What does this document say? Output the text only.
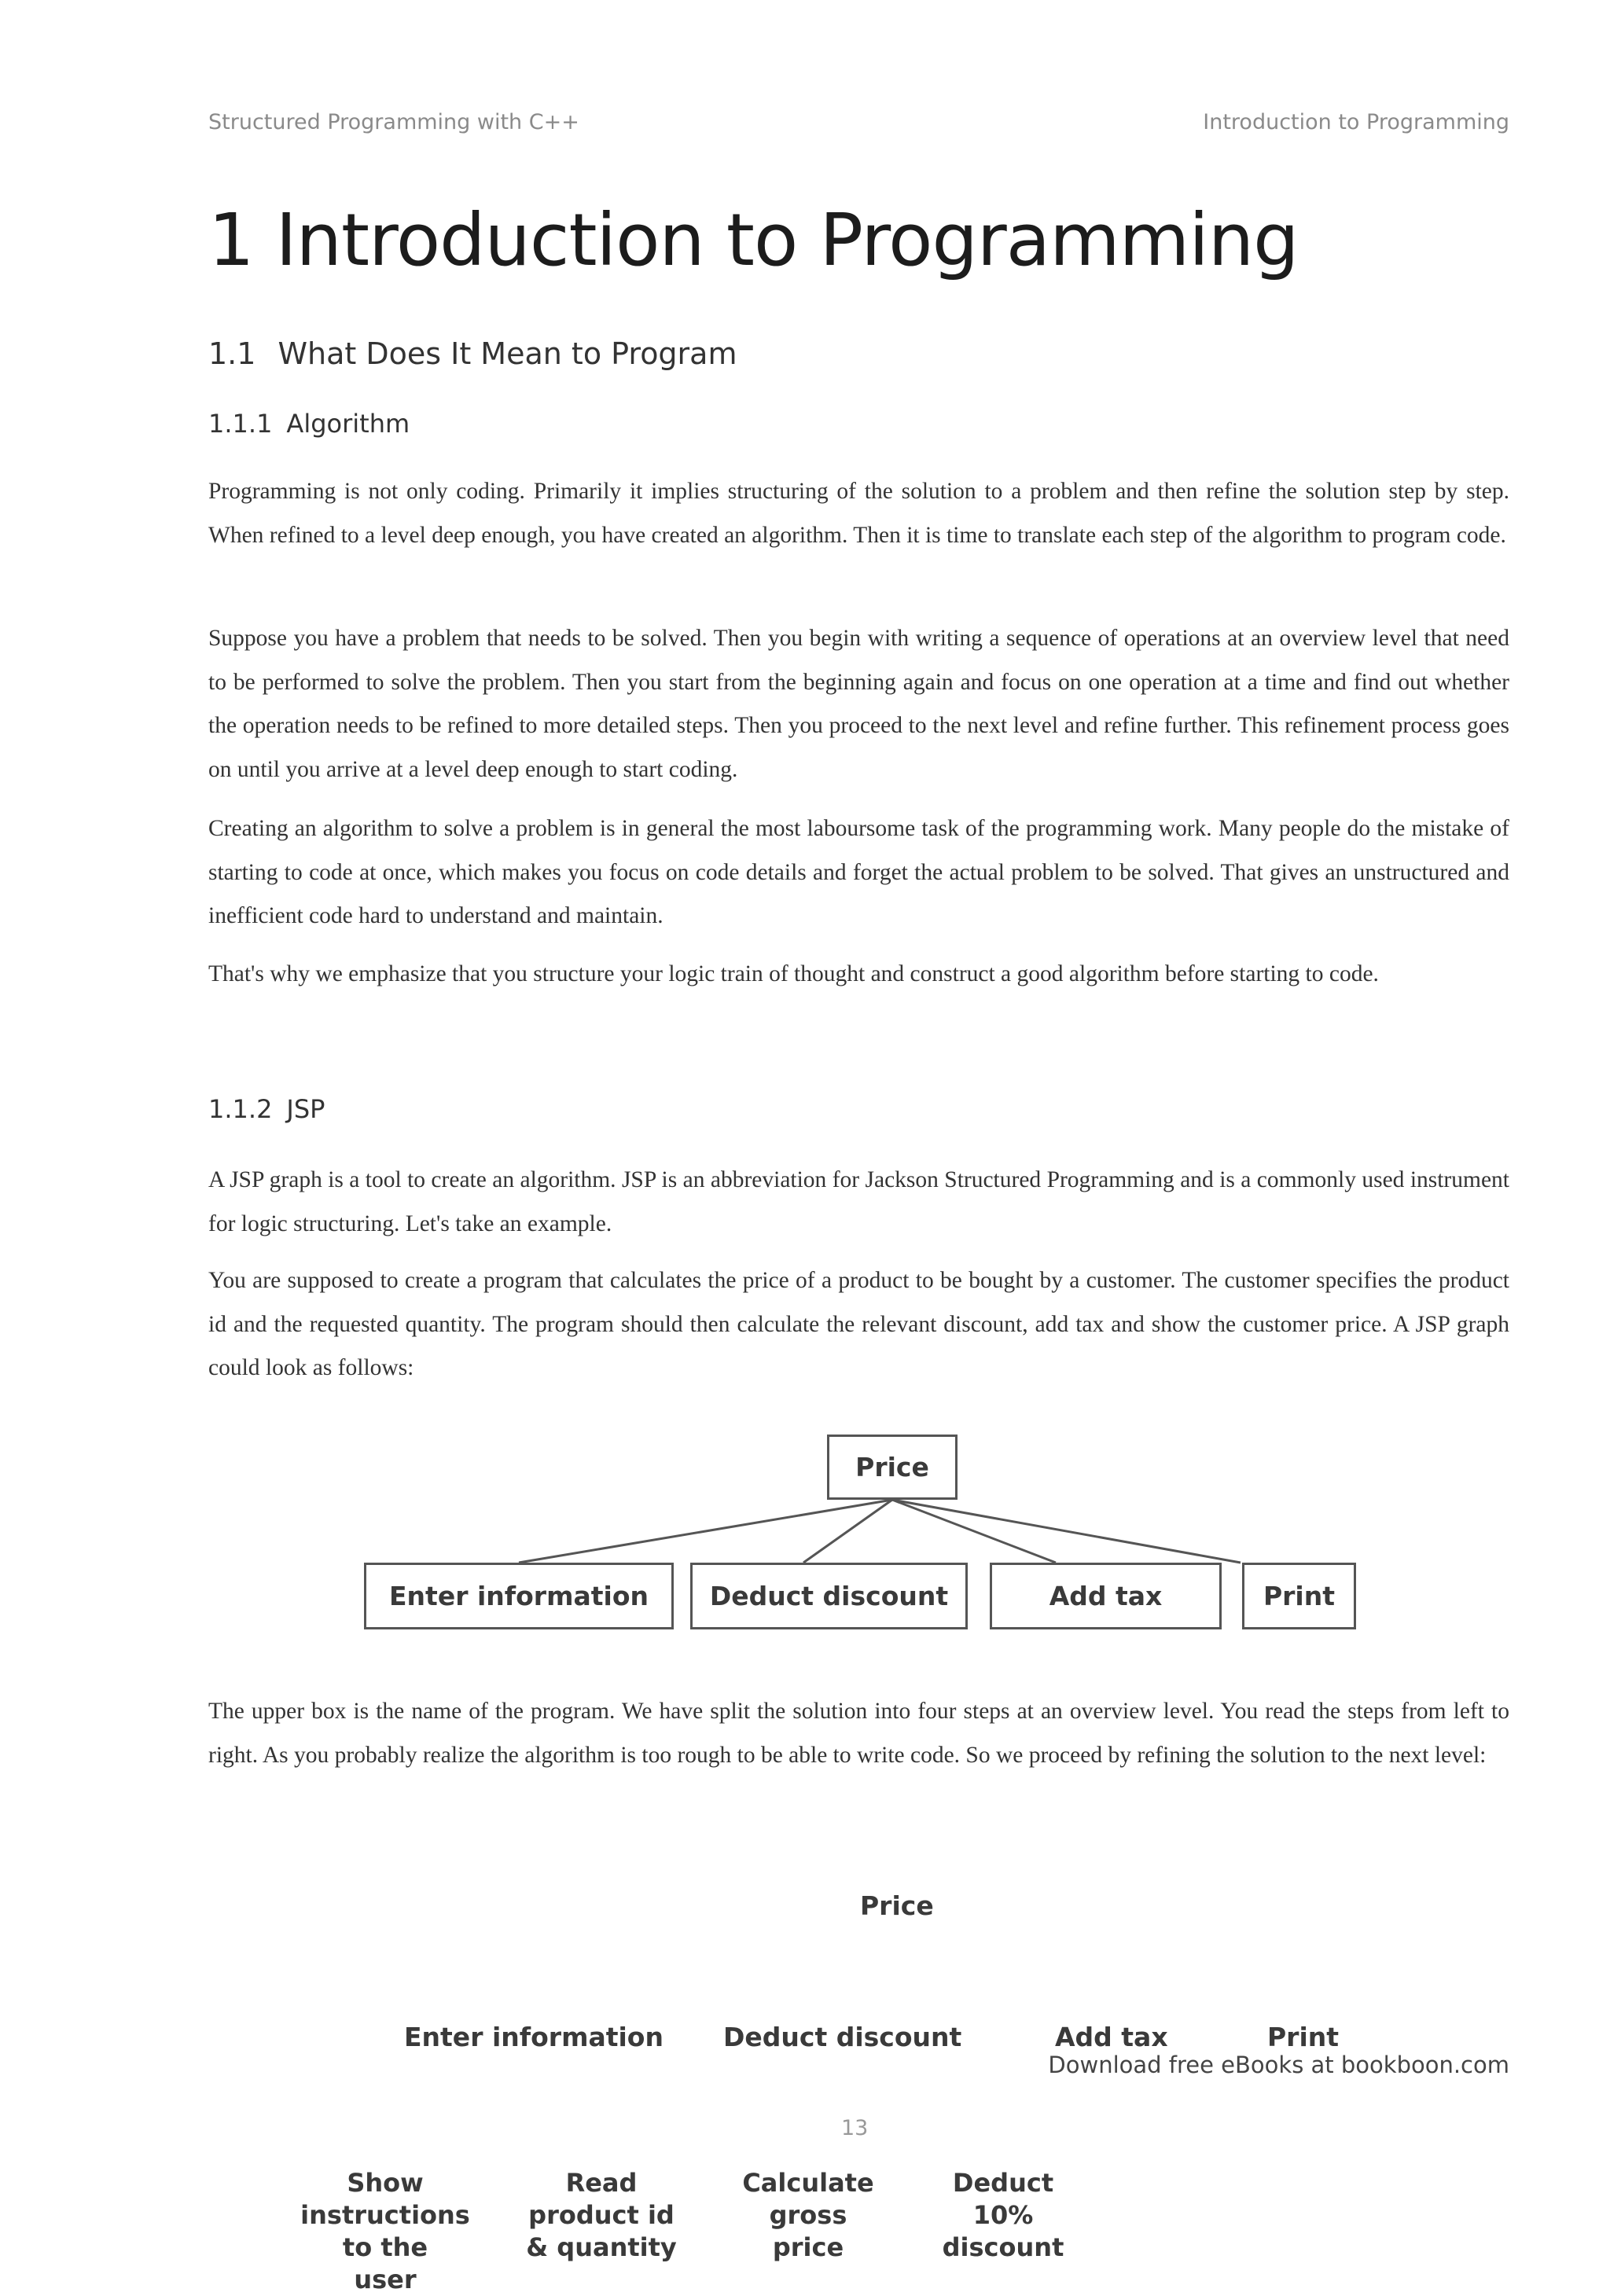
Structured Programming with C++	Introduction to Programming
1 Introduction to Programming
1.1 What Does It Mean to Program
1.1.1 Algorithm

Programming is not only coding. Primarily it implies structuring of the solution to a problem and then refine the solution step by step. When refined to a level deep enough, you have created an algorithm. Then it is time to translate each step of the algorithm to program code.

Suppose you have a problem that needs to be solved. Then you begin with writing a sequence of operations at an overview level that need to be performed to solve the problem. Then you start from the beginning again and focus on one operation at a time and find out whether the operation needs to be refined to more detailed steps. Then you proceed to the next level and refine further. This refinement process goes on until you arrive at a level deep enough to start coding.

Creating an algorithm to solve a problem is in general the most laboursome task of the programming work. Many people do the mistake of starting to code at once, which makes you focus on code details and forget the actual problem to be solved. That gives an unstructured and inefficient code hard to understand and maintain.

That's why we emphasize that you structure your logic train of thought and construct a good algorithm before starting to code.

1.1.2 JSP

A JSP graph is a tool to create an algorithm. JSP is an abbreviation for Jackson Structured Programming and is a commonly used instrument for logic structuring. Let's take an example.

You are supposed to create a program that calculates the price of a product to be bought by a customer. The customer specifies the product id and the requested quantity. The program should then calculate the relevant discount, add tax and show the customer price. A JSP graph could look as follows:

Price
Enter information	Deduct discount	Add tax	Print

The upper box is the name of the program. We have split the solution into four steps at an overview level. You read the steps from left to right. As you probably realize the algorithm is too rough to be able to write code. So we proceed by refining the solution to the next level:

Price
Enter information Deduct discount	Add tax	Print
Download free eBooks at bookboon.com
13
Show
instructions
to the
user
Read
product id
& quantity
Calculate
gross
price
Deduct
10%
discount
